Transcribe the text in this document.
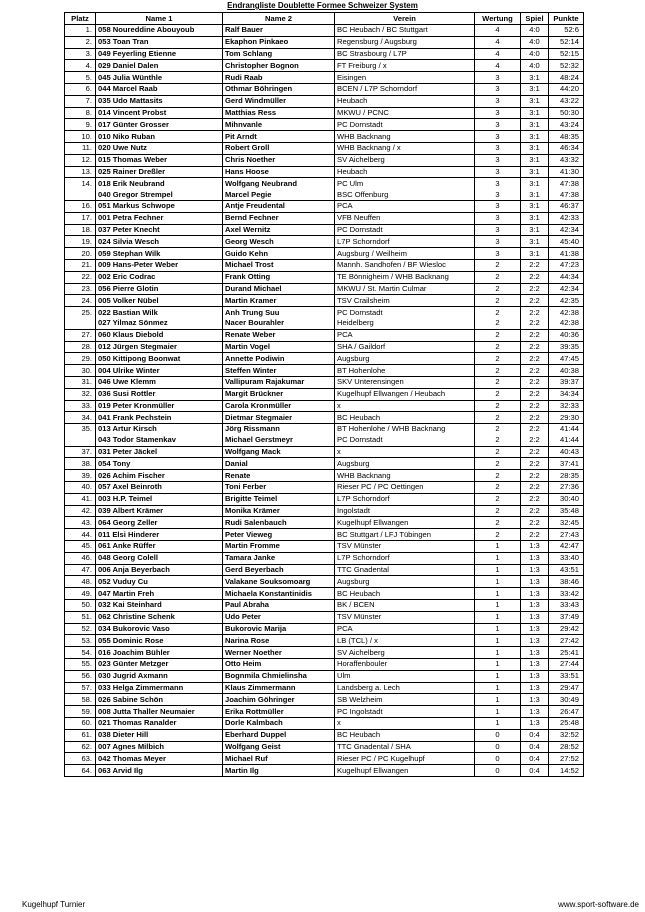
Endrangliste Doublette Formee Schweizer System
Platz	Name 1	Name 2	Verein	Wertung	Spiel	Punkte
1.	058 Noureddine Abouyoub	Ralf Bauer	BC Heubach / BC Stuttgart	4	4:0	52:6
2.	053 Toan Tran	Ekaphon Pinkaeo	Regensburg / Augsburg	4	4:0	52:14
3.	049 Feyerling Etienne	Tom Schlang	BC Strasbourg / L7P	4	4:0	52:15
4.	029 Daniel Dalen	Christopher Bognon	FT Freiburg / x	4	4:0	52:32
5.	045 Julia Wünthle	Rudi Raab	Eisingen	3	3:1	48:24
6.	044 Marcel Raab	Othmar Böhringen	BCEN / L7P Schorndorf	3	3:1	44:20
7.	035 Udo Mattasits	Gerd Windmüller	Heubach	3	3:1	43:22
8.	014 Vincent Probst	Matthias Ress	MKWU / PCNC	3	3:1	50:30
9.	017 Günter Grosser	Mihnvanle	PC Dornstadt	3	3:1	43:24
10.	010 Niko Ruban	Pit Arndt	WHB Backnang	3	3:1	48:35
11.	020 Uwe Nutz	Robert Groll	WHB Backnang / x	3	3:1	46:34
12.	015 Thomas Weber	Chris Noether	SV Aichelberg	3	3:1	43:32
13.	025 Rainer Dreßler	Hans Hoose	Heubach	3	3:1	41:30
14.	018 Erik Neubrand	Wolfgang Neubrand	PC Ulm	3	3:1	47:38
	040 Gregor Strempel	Marcel Pegie	BSC Offenburg	3	3:1	47:38
16.	051 Markus Schwope	Antje Freudental	PCA	3	3:1	46:37
17.	001 Petra Fechner	Bernd Fechner	VFB Neuffen	3	3:1	42:33
18.	037 Peter Knecht	Axel Wernitz	PC Dornstadt	3	3:1	42:34
19.	024 Silvia Wesch	Georg Wesch	L7P Schorndorf	3	3:1	45:40
20.	059 Stephan Wilk	Guido Kehn	Augsburg / Weilheim	3	3:1	41:38
21.	009 Hans-Peter Weber	Michael Trost	Mannh. Sandhofen / BF Wiesloc	2	2:2	47:23
22.	002 Eric Codrac	Frank Otting	TE Bönnigheim / WHB Backnang	2	2:2	44:34
23.	056 Pierre Glotin	Durand Michael	MKWU / St. Martin Culmar	2	2:2	42:34
24.	005 Volker Nübel	Martin Kramer	TSV Crailsheim	2	2:2	42:35
25.	022 Bastian Wilk	Anh Trung Suu	PC Dornstadt	2	2:2	42:38
	027 Yilmaz Sönmez	Nacer Bourahler	Heidelberg	2	2:2	42:38
27.	060 Klaus Diebold	Renate Weber	PCA	2	2:2	40:36
28.	012 Jürgen Stegmaier	Martin Vogel	SHA / Gaildorf	2	2:2	39:35
29.	050 Kittipong Boonwat	Annette Podiwin	Augsburg	2	2:2	47:45
30.	004 Ulrike Winter	Steffen Winter	BT Hohenlohe	2	2:2	40:38
31.	046 Uwe Klemm	Vallipuram Rajakumar	SKV Unterensingen	2	2:2	39:37
32.	036 Susi Rottler	Margit Brückner	Kugelhupf Ellwangen / Heubach	2	2:2	34:34
33.	019 Peter Kronmüller	Carola Kronmüller	x	2	2:2	32:33
34.	041 Frank Pechstein	Dietmar Stegmaier	BC Heubach	2	2:2	29:30
35.	013 Artur Kirsch	Jörg Rissmann	BT Hohenlohe / WHB Backnang	2	2:2	41:44
	043 Todor Stamenkav	Michael Gerstmeyr	PC Dornstadt	2	2:2	41:44
37.	031 Peter Jäckel	Wolfgang Mack	x	2	2:2	40:43
38.	054 Tony	Danial	Augsburg	2	2:2	37:41
39.	026 Achim Fischer	Renate	WHB Backnang	2	2:2	28:35
40.	057 Axel Beinroth	Toni Ferber	Rieser PC / PC Oettingen	2	2:2	27:36
41.	003 H.P. Teimel	Brigitte Teimel	L7P Schorndorf	2	2:2	30:40
42.	039 Albert Krämer	Monika Krämer	Ingolstadt	2	2:2	35:48
43.	064 Georg Zeller	Rudi Salenbauch	Kugelhupf Ellwangen	2	2:2	32:45
44.	011 Elsi Hinderer	Peter Vieweg	BC Stuttgart / LFJ Tübingen	2	2:2	27:43
45.	061 Anke Rüffer	Martin Fromme	TSV Münster	1	1:3	42:47
46.	048 Georg Colell	Tamara Janke	L7P Schorndorf	1	1:3	33:40
47.	006 Anja Beyerbach	Gerd Beyerbach	TTC Gnadental	1	1:3	43:51
48.	052 Vuduy Cu	Valakane Souksomoarg	Augsburg	1	1:3	38:46
49.	047 Martin Freh	Michaela Konstantinidis	BC Heubach	1	1:3	33:42
50.	032 Kai Steinhard	Paul Abraha	BK / BCEN	1	1:3	33:43
51.	062 Christine Schenk	Udo Peter	TSV Münster	1	1:3	37:49
52.	034 Bukorovic Vaso	Bukorovic Marija	PCA	1	1:3	29:42
53.	055 Dominic Rose	Narina Rose	LB (TCL) / x	1	1:3	27:42
54.	016 Joachim Bühler	Werner Noether	SV Aichelberg	1	1:3	25:41
55.	023 Günter Metzger	Otto Heim	Horaffenbouler	1	1:3	27:44
56.	030 Jugrid Axmann	Bognmila Chmielinsha	Ulm	1	1:3	33:51
57.	033 Helga Zimmermann	Klaus Zimmermann	Landsberg a. Lech	1	1:3	29:47
58.	026 Sabine Schön	Joachim Göhringer	SB Welzheim	1	1:3	30:49
59.	008 Jutta Thaller Neumaier	Erika Rottmüller	PC Ingolstadt	1	1:3	26:47
60.	021 Thomas Ranalder	Dorle Kalmbach	x	1	1:3	25:48
61.	038 Dieter Hill	Eberhard Duppel	BC Heubach	0	0:4	32:52
62.	007 Agnes Milbich	Wolfgang Geist	TTC Gnadental / SHA	0	0:4	28:52
63.	042 Thomas Meyer	Michael Ruf	Rieser PC / PC Kugelhupf	0	0:4	27:52
64.	063 Arvid Ilg	Martin Ilg	Kugelhupf Ellwangen	0	0:4	14:52
Kugelhupf Turnier	www.sport-software.de
